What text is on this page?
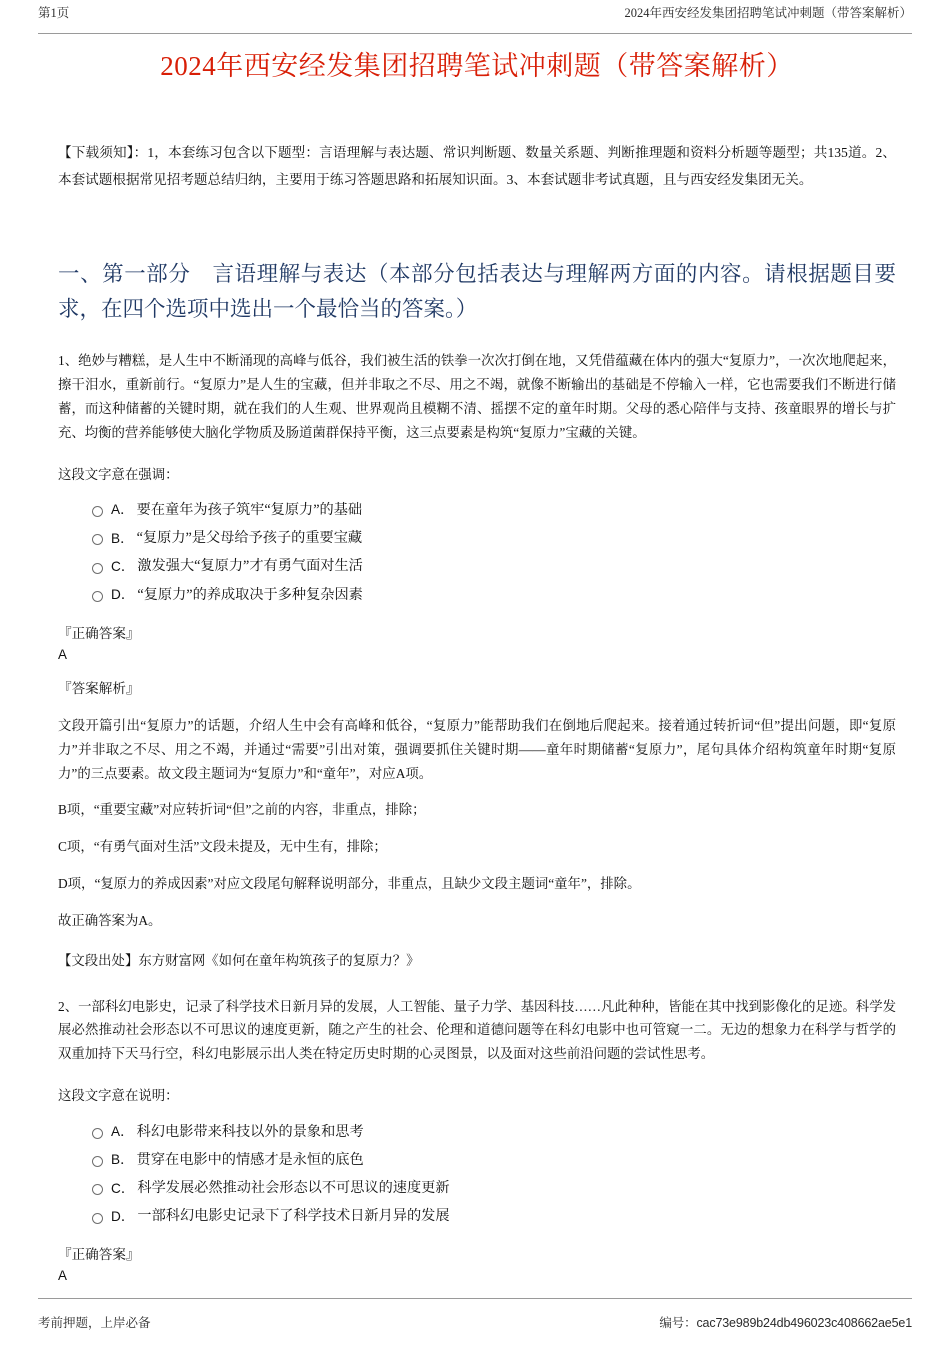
第1页	2024年西安经发集团招聘笔试冲刺题（带答案解析）
2024年西安经发集团招聘笔试冲刺题（带答案解析）
【下载须知】：1，本套练习包含以下题型：言语理解与表达题、常识判断题、数量关系题、判断推理题和资料分析题等题型；共135道。2、本套试题根据常见招考题总结归纳，主要用于练习答题思路和拓展知识面。3、本套试题非考试真题，且与西安经发集团无关。
一、第一部分　言语理解与表达（本部分包括表达与理解两方面的内容。请根据题目要求，在四个选项中选出一个最恰当的答案。）
1、绝妙与糟糕，是人生中不断涌现的高峰与低谷，我们被生活的铁拳一次次打倒在地，又凭借蕴藏在体内的强大“复原力”，一次次地爬起来，擦干泪水，重新前行。“复原力”是人生的宝藏，但并非取之不尽、用之不竭，就像不断输出的基础是不停输入一样，它也需要我们不断进行储蓄，而这种储蓄的关键时期，就在我们的人生观、世界观尚且模糊不清、摇摆不定的童年时期。父母的悉心陪伴与支持、孩童眼界的增长与扩充、均衡的营养能够使大脑化学物质及肠道菌群保持平衡，这三点要素是构筑“复原力”宝藏的关键。
这段文字意在强调：
A． 要在童年为孩子筑牢“复原力”的基础
B． “复原力”是父母给予孩子的重要宝藏
C． 激发强大“复原力”才有勇气面对生活
D． “复原力”的养成取决于多种复杂因素
『正确答案』
A
『答案解析』
文段开篇引出“复原力”的话题，介绍人生中会有高峰和低谷，“复原力”能帮助我们在倒地后爬起来。接着通过转折词“但”提出问题，即“复原力”并非取之不尽、用之不竭，并通过“需要”引出对策，强调要抓住关键时期——童年时期储蓄“复原力”，尾句具体介绍构筑童年时期“复原力”的三点要素。故文段主题词为“复原力”和“童年”，对应A项。
B项，“重要宝藏”对应转折词“但”之前的内容，非重点，排除；
C项，“有勇气面对生活”文段未提及，无中生有，排除；
D项，“复原力的养成因素”对应文段尾句解释说明部分，非重点，且缺少文段主题词“童年”，排除。
故正确答案为A。
【文段出处】东方财富网《如何在童年构筑孩子的复原力？》
2、一部科幻电影史，记录了科学技术日新月异的发展，人工智能、量子力学、基因科技……凡此种种，皆能在其中找到影像化的足迹。科学发展必然推动社会形态以不可思议的速度更新，随之产生的社会、伦理和道德问题等在科幻电影中也可管窥一二。无边的想象力在科学与哲学的双重加持下天马行空，科幻电影展示出人类在特定历史时期的心灵图景，以及面对这些前沿问题的尝试性思考。
这段文字意在说明：
A． 科幻电影带来科技以外的景象和思考
B． 贯穿在电影中的情感才是永恒的底色
C． 科学发展必然推动社会形态以不可思议的速度更新
D． 一部科幻电影史记录下了科学技术日新月异的发展
『正确答案』
A
考前押题，上岸必备	编号：cac73e989b24db496023c408662ae5e1
